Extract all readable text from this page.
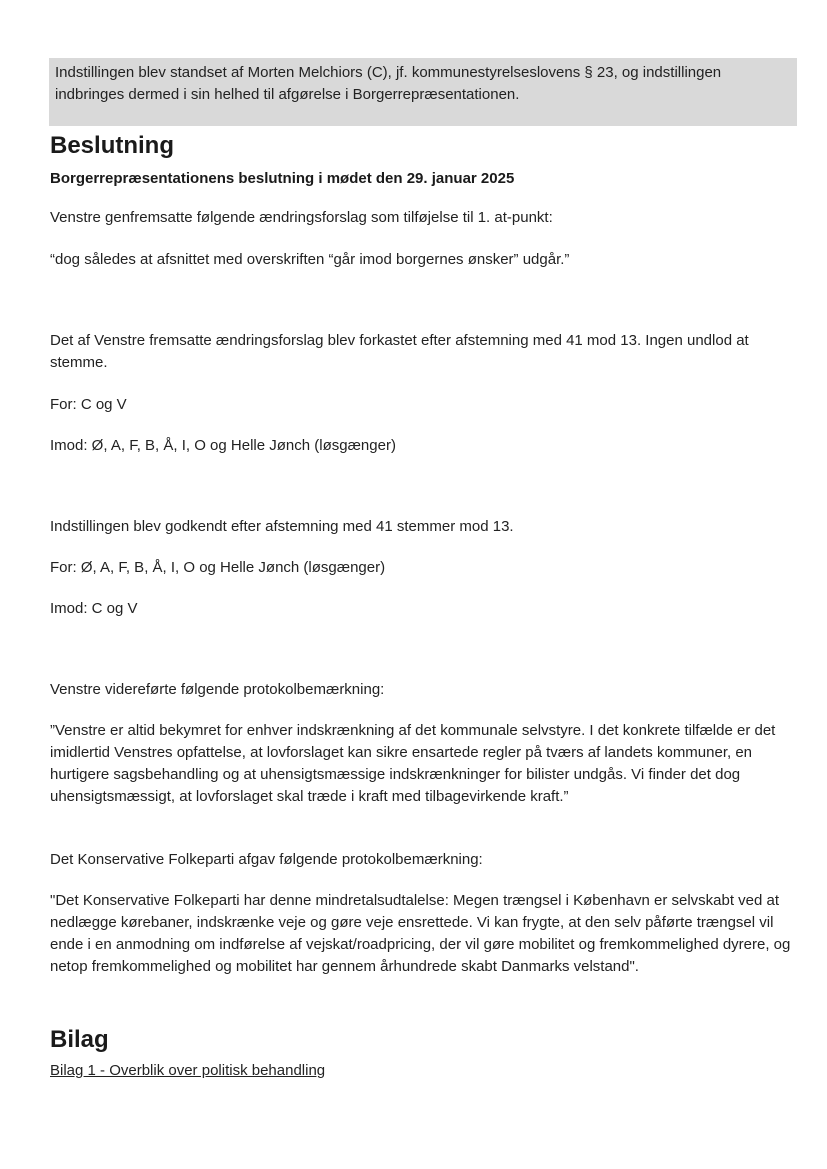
Indstillingen blev standset af Morten Melchiors (C), jf. kommunestyrelseslovens § 23, og indstillingen indbringes dermed i sin helhed til afgørelse i Borgerrepræsentationen.
Beslutning
Borgerrepræsentationens beslutning i mødet den 29. januar 2025

Venstre genfremsatte følgende ændringsforslag som tilføjelse til 1. at-punkt:

“dog således at afsnittet med overskriften “går imod borgernes ønsker” udgår.”

Det af Venstre fremsatte ændringsforslag blev forkastet efter afstemning med 41 mod 13. Ingen undlod at stemme.

For: C og V

Imod: Ø, A, F, B, Å, I, O og Helle Jønch (løsgænger)

Indstillingen blev godkendt efter afstemning med 41 stemmer mod 13.

For: Ø, A, F, B, Å, I, O og Helle Jønch (løsgænger)

Imod: C og V

Venstre videreførte følgende protokolbemærkning:

”Venstre er altid bekymret for enhver indskrænkning af det kommunale selvstyre. I det konkrete tilfælde er det imidlertid Venstres opfattelse, at lovforslaget kan sikre ensartede regler på tværs af landets kommuner, en hurtigere sagsbehandling og at uhensigtsmæssige indskrænkninger for bilister undgås. Vi finder det dog uhensigtsmæssigt, at lovforslaget skal træde i kraft med tilbagevirkende kraft.”

Det Konservative Folkeparti afgav følgende protokolbemærkning:

"Det Konservative Folkeparti har denne mindretalsudtalelse: Megen trængsel i København er selvskabt ved at nedlægge kørebaner, indskrænke veje og gøre veje ensrettede. Vi kan frygte, at den selv påførte trængsel vil ende i en anmodning om indførelse af vejskat/roadpricing, der vil gøre mobilitet og fremkommelighed dyrere, og netop fremkommelighed og mobilitet har gennem århundrede skabt Danmarks velstand".

Bilag
Bilag 1 - Overblik over politisk behandling
